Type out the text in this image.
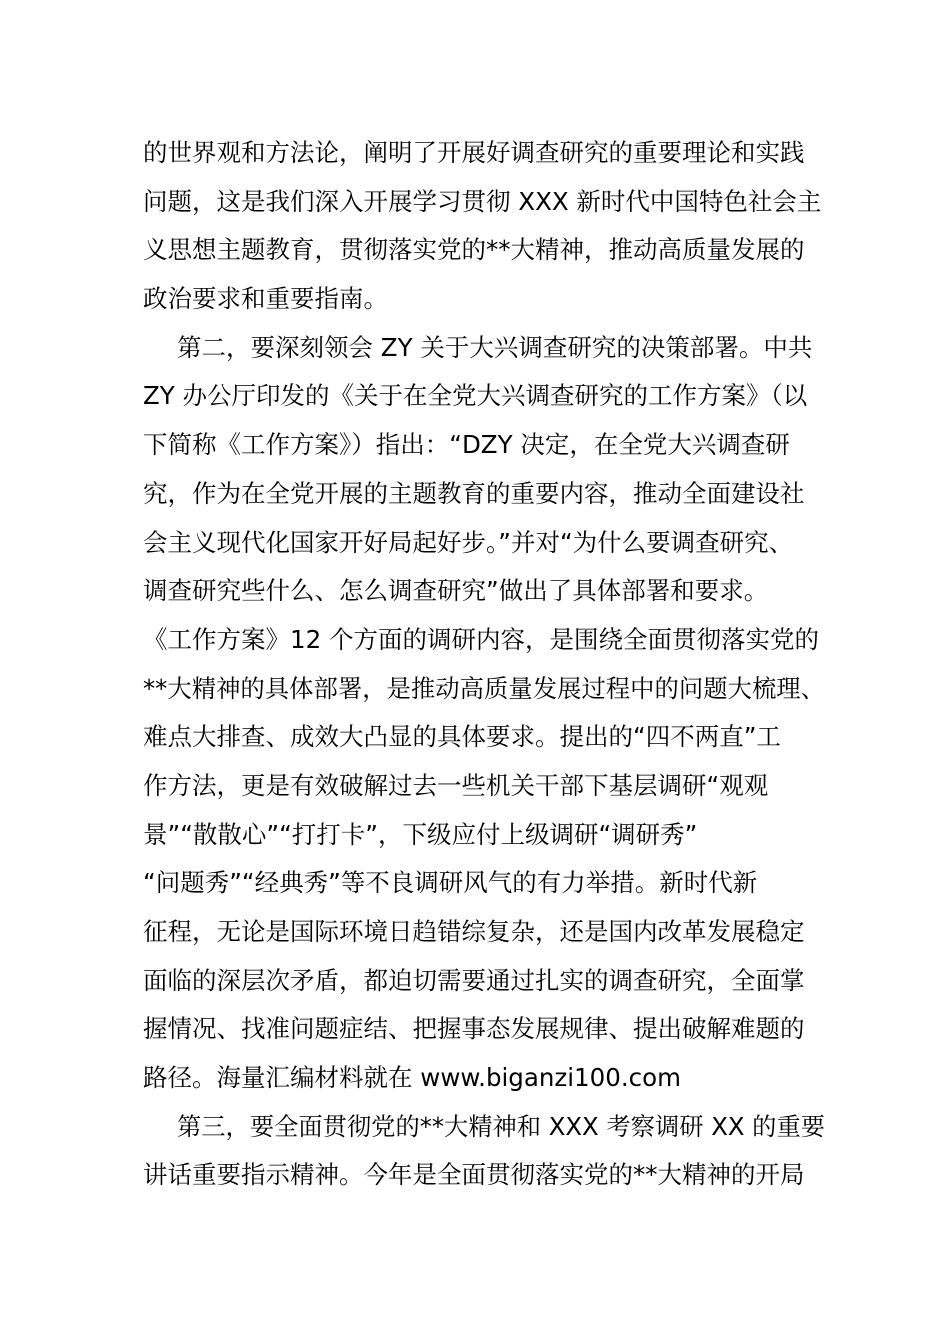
的世界观和方法论，阐明了开展好调查研究的重要理论和实践
问题，这是我们深入开展学习贯彻 XXX 新时代中国特色社会主
义思想主题教育，贯彻落实党的**大精神，推动高质量发展的
政治要求和重要指南。
第二，要深刻领会 ZY 关于大兴调查研究的决策部署。中共
ZY 办公厅印发的《关于在全党大兴调查研究的工作方案》（以
下简称《工作方案》）指出：“DZY 决定，在全党大兴调查研
究，作为在全党开展的主题教育的重要内容，推动全面建设社
会主义现代化国家开好局起好步。”并对“为什么要调查研究、
调查研究些什么、怎么调查研究”做出了具体部署和要求。
《工作方案》12 个方面的调研内容，是围绕全面贯彻落实党的
**大精神的具体部署，是推动高质量发展过程中的问题大梳理、
难点大排查、成效大凸显的具体要求。提出的“四不两直”工
作方法，更是有效破解过去一些机关干部下基层调研“观观
景”“散散心”“打打卡”，下级应付上级调研“调研秀”
“问题秀”“经典秀”等不良调研风气的有力举措。新时代新
征程，无论是国际环境日趋错综复杂，还是国内改革发展稳定
面临的深层次矛盾，都迫切需要通过扎实的调查研究，全面掌
握情况、找准问题症结、把握事态发展规律、提出破解难题的
路径。海量汇编材料就在 www.biganzi100.com
第三，要全面贯彻党的**大精神和 XXX 考察调研 XX 的重要
讲话重要指示精神。今年是全面贯彻落实党的**大精神的开局
